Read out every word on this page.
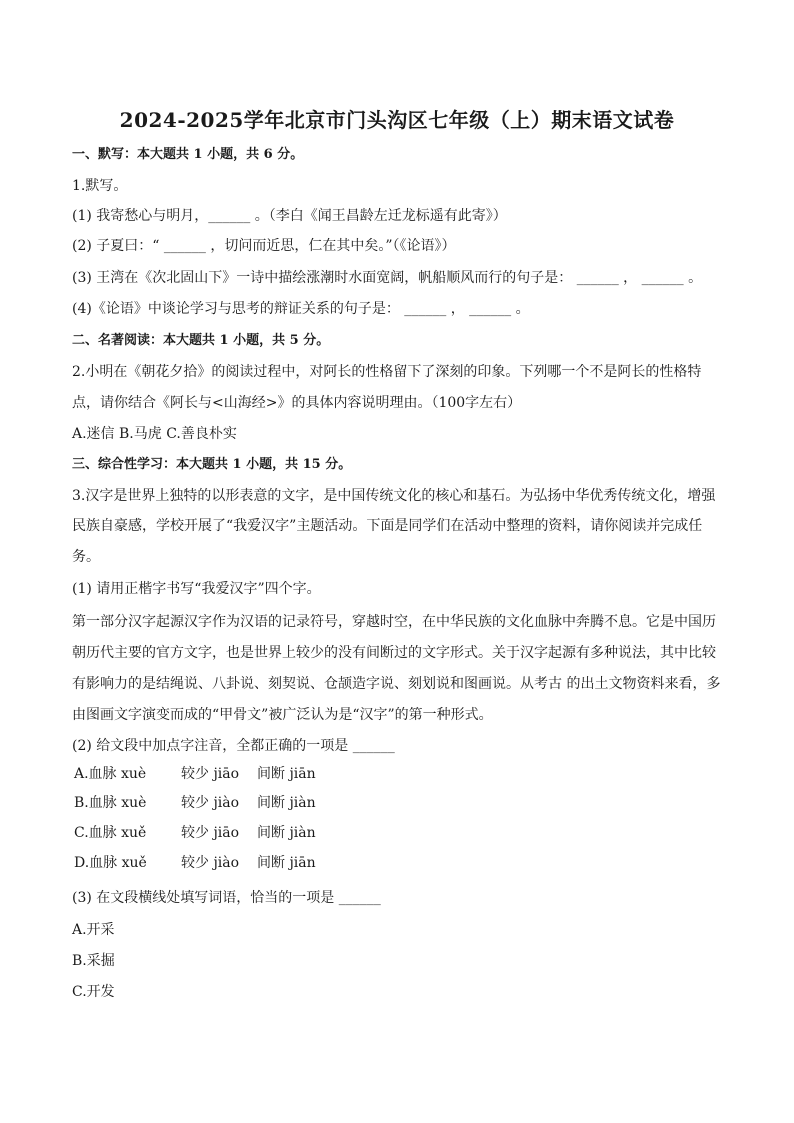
2024-2025学年北京市门头沟区七年级（上）期末语文试卷
一、默写：本大题共 1 小题，共 6 分。
1.默写。
(1) 我寄愁心与明月，______ 。（李白《闻王昌龄左迁龙标遥有此寄》）
(2) 子夏曰：“ ______ ，切问而近思，仁在其中矣。”（《论语》）
(3) 王湾在《次北固山下》一诗中描绘涨潮时水面宽阔，帆船顺风而行的句子是： ______ ， ______ 。
(4)《论语》中谈论学习与思考的辩证关系的句子是： ______ ， ______ 。
二、名著阅读：本大题共 1 小题，共 5 分。
2.小明在《朝花夕拾》的阅读过程中，对阿长的性格留下了深刻的印象。下列哪一个不是阿长的性格特
点，请你结合《阿长与<山海经>》的具体内容说明理由。（100字左右）
A.迷信 B.马虎 C.善良朴实
三、综合性学习：本大题共 1 小题，共 15 分。
3.汉字是世界上独特的以形表意的文字，是中国传统文化的核心和基石。为弘扬中华优秀传统文化，增强
民族自豪感，学校开展了“我爱汉字”主题活动。下面是同学们在活动中整理的资料，请你阅读并完成任
务。
(1) 请用正楷字书写“我爱汉字”四个字。
第一部分汉字起源汉字作为汉语的记录符号，穿越时空，在中华民族的文化血脉中奔腾不息。它是中国历
朝历代主要的官方文字，也是世界上较少的没有间断过的文字形式。关于汉字起源有多种说法，其中比较
有影响力的是结绳说、八卦说、刻契说、仓颉造字说、刻划说和图画说。从考古 的出土文物资料来看，多
由图画文字演变而成的“甲骨文”被广泛认为是“汉字”的第一种形式。
(2) 给文段中加点字注音，全都正确的一项是 ______
A.血脉 xuè 较少 jiāo 间断 jiān
B.血脉 xuè 较少 jiào 间断 jiàn
C.血脉 xuě 较少 jiāo 间断 jiàn
D.血脉 xuě 较少 jiào 间断 jiān
(3) 在文段横线处填写词语，恰当的一项是 ______
A.开采
B.采掘
C.开发
